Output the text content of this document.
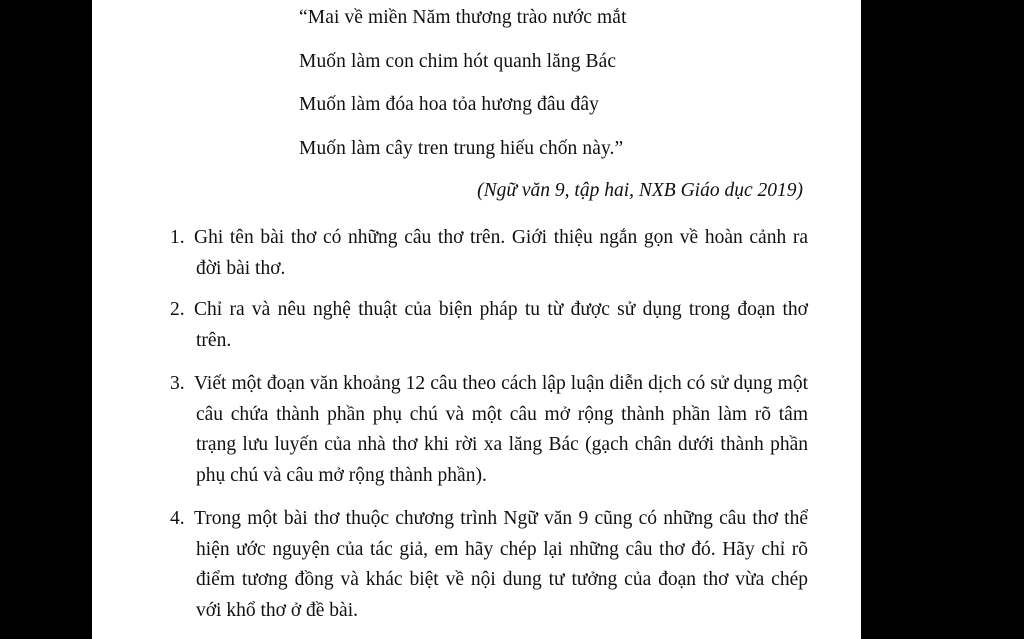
“Mai về miền Năm thương trào nước mắt
Muốn làm con chim hót quanh lăng Bác
Muốn làm đóa hoa tỏa hương đâu đây
Muốn làm cây tren trung hiếu chốn này.”
(Ngữ văn 9, tập hai, NXB Giáo dục 2019)
1. Ghi tên bài thơ có những câu thơ trên. Giới thiệu ngắn gọn về hoàn cảnh ra đời bài thơ.
2. Chỉ ra và nêu nghệ thuật của biện pháp tu từ được sử dụng trong đoạn thơ trên.
3. Viết một đoạn văn khoảng 12 câu theo cách lập luận diễn dịch có sử dụng một câu chứa thành phần phụ chú và một câu mở rộng thành phần làm rõ tâm trạng lưu luyến của nhà thơ khi rời xa lăng Bác (gạch chân dưới thành phần phụ chú và câu mở rộng thành phần).
4. Trong một bài thơ thuộc chương trình Ngữ văn 9 cũng có những câu thơ thể hiện ước nguyện của tác giả, em hãy chép lại những câu thơ đó. Hãy chỉ rõ điểm tương đồng và khác biệt về nội dung tư tưởng của đoạn thơ vừa chép với khổ thơ ở đề bài.
